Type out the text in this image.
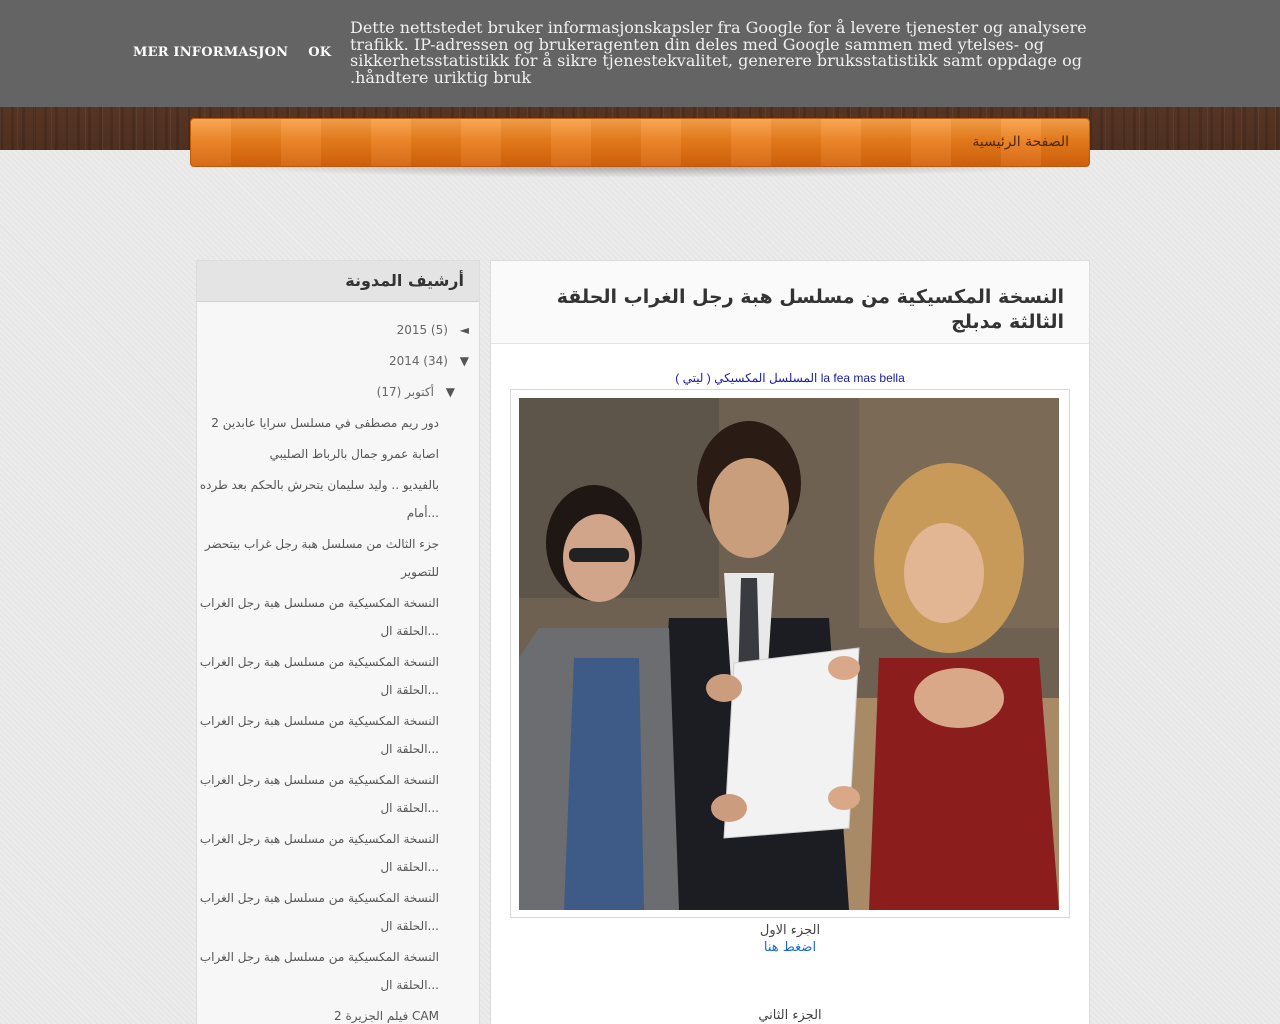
MER INFORMASJON OK
Dette nettstedet bruker informasjonskapsler fra Google for å levere tjenester og analysere trafikk. IP-adressen og brukeragenten din deles med Google sammen med ytelses- og sikkerhetsstatistikk for å sikre tjenestekvalitet, generere bruksstatistikk samt oppdage og .håndtere uriktig bruk
الصفحة الرئيسية
أرشيف المدونة
2015 (5) ◄
2014 (34) ▼
أكتوبر (17) ▼
دور ريم مصطفى في مسلسل سرايا عابدين 2
اصابة عمرو جمال بالرباط الصليبي
بالفيديو .. وليد سليمان يتحرش بالحكم بعد طرده أمام...
جزء الثالث من مسلسل هبة رجل غراب بيتحضر للتصوير
النسخة المكسيكية من مسلسل هبة رجل الغراب الحلقة ال...
النسخة المكسيكية من مسلسل هبة رجل الغراب الحلقة ال...
النسخة المكسيكية من مسلسل هبة رجل الغراب الحلقة ال...
النسخة المكسيكية من مسلسل هبة رجل الغراب الحلقة ال...
النسخة المكسيكية من مسلسل هبة رجل الغراب الحلقة ال...
النسخة المكسيكية من مسلسل هبة رجل الغراب الحلقة ال...
النسخة المكسيكية من مسلسل هبة رجل الغراب الحلقة ال...
فيلم الجزيرة 2 CAM
النسخة المكسيكية من مسلسل هبة رجل الغراب الحلقة الثالثة مدبلج
المسلسل المكسيكي ( ليتي ) la fea mas bella
الجزء الاول
اضغط هنا
الجزء الثاني
